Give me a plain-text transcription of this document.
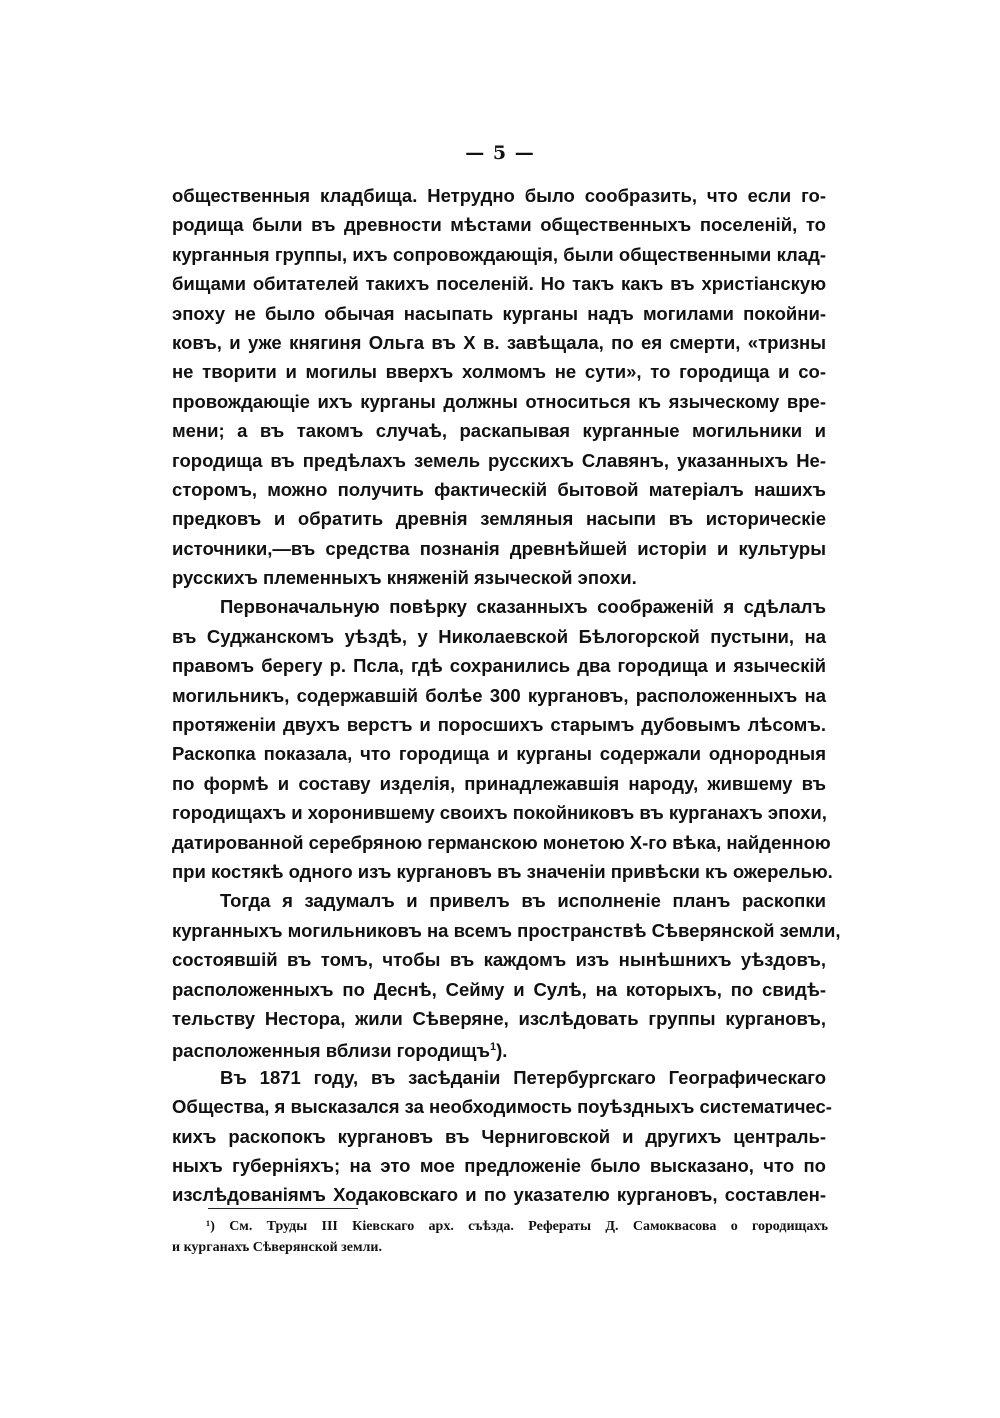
— 5 —
общественныя кладбища. Нетрудно было сообразить, что если го-
родища были въ древности мѣстами общественныхъ поселеній, то
курганныя группы, ихъ сопровождающія, были общественными клад-
бищами обитателей такихъ поселеній. Но такъ какъ въ христіанскую
эпоху не было обычая насыпать курганы надъ могилами покойни-
ковъ, и уже княгиня Ольга въ X в. завѣщала, по ея смерти, «тризны
не творити и могилы вверхъ холмомъ не сути», то городища и со-
провождающіе ихъ курганы должны относиться къ языческому вре-
мени; а въ такомъ случаѣ, раскапывая курганные могильники и
городища въ предѣлахъ земель русскихъ Славянъ, указанныхъ Не-
сторомъ, можно получить фактическій бытовой матеріалъ нашихъ
предковъ и обратить древнія земляныя насыпи въ историческіе
источники,—въ средства познанія древнѣйшей исторіи и культуры
русскихъ племенныхъ княженій языческой эпохи.
Первоначальную повѣрку сказанныхъ соображеній я сдѣлалъ
въ Суджанскомъ уѣздѣ, у Николаевской Бѣлогорской пустыни, на
правомъ берегу р. Псла, гдѣ сохранились два городища и языческій
могильникъ, содержавшій болѣе 300 кургановъ, расположенныхъ на
протяженіи двухъ верстъ и поросшихъ старымъ дубовымъ лѣсомъ.
Раскопка показала, что городища и курганы содержали однородныя
по формѣ и составу изделія, принадлежавшія народу, жившему въ
городищахъ и хоронившему своихъ покойниковъ въ курганахъ эпохи,
датированной серебряною германскою монетою X-го вѣка, найденною
при костякѣ одного изъ кургановъ въ значеніи привѣски къ ожерелью.
Тогда я задумалъ и привелъ въ исполненіе планъ раскопки
курганныхъ могильниковъ на всемъ пространствѣ Сѣверянской земли,
состоявшій въ томъ, чтобы въ каждомъ изъ нынѣшнихъ уѣздовъ,
расположенныхъ по Деснѣ, Сейму и Сулѣ, на которыхъ, по свидѣ-
тельству Нестора, жили Сѣверяне, изслѣдовать группы кургановъ,
расположенныя вблизи городищъ$^1$).
Въ 1871 году, въ засѣданіи Петербургскаго Географическаго
Общества, я высказался за необходимость поуѣздныхъ систематичес-
кихъ раскопокъ кургановъ въ Черниговской и другихъ централь-
ныхъ губерніяхъ; на это мое предложеніе было высказано, что по
изслѣдованіямъ Ходаковскаго и по указателю кургановъ, составлен-
¹) См. Труды III Кіевскаго арх. съѣзда. Рефераты Д. Самоквасова о городищахъ
и курганахъ Сѣверянской земли.
